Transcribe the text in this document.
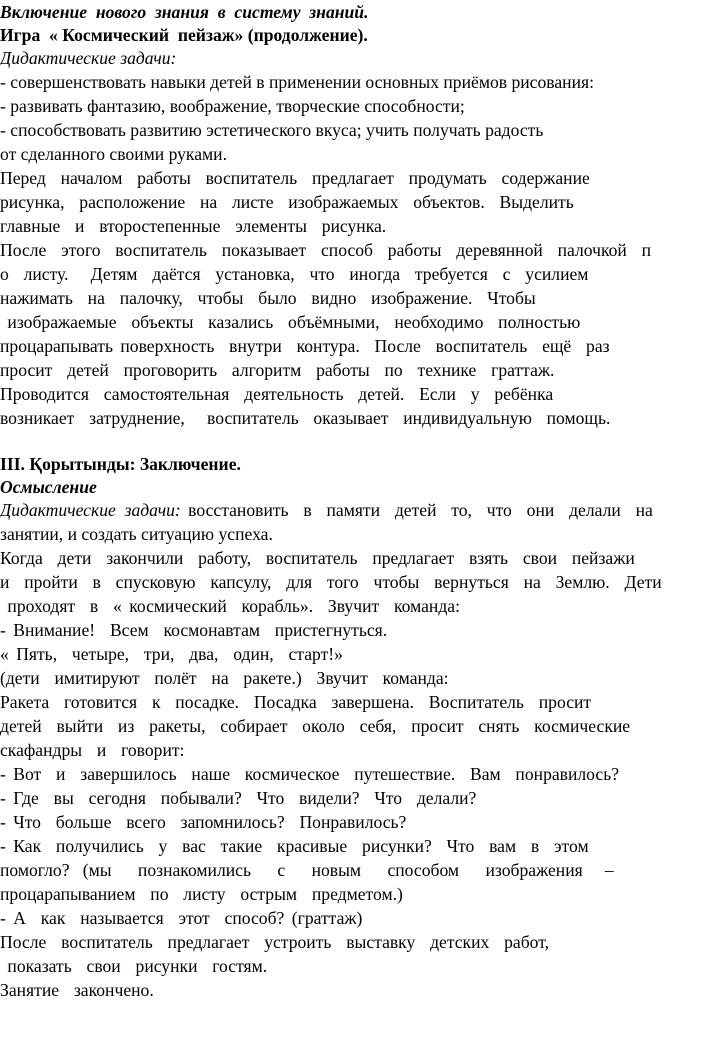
Включение  нового  знания  в  систему  знаний.
Игра  « Космический  пейзаж» (продолжение).
Дидактические задачи:
- совершенствовать навыки детей в применении основных приёмов рисования:
- развивать фантазию, воображение, творческие способности;
- способствовать развитию эстетического вкуса; учить получать радость
от сделанного своими руками.
Перед  началом  работы  воспитатель  предлагает  продумать  содержание
рисунка,  расположение  на  листе  изображаемых  объектов.  Выделить
главные  и  второстепенные  элементы  рисунка.
После  этого  воспитатель  показывает  способ  работы  деревянной  палочкой  п
о  листу.   Детям  даётся  установка,  что  иногда  требуется  с  усилием
нажимать  на  палочку,  чтобы  было  видно  изображение.  Чтобы
изображаемые  объекты  казались  объёмными,  необходимо  полностью
процарапывать поверхность  внутри  контура.  После  воспитатель  ещё  раз
просит  детей  проговорить  алгоритм  работы  по  технике  граттаж.
Проводится  самостоятельная  деятельность  детей.  Если  у  ребёнка
возникает  затруднение,   воспитатель  оказывает  индивидуальную  помощь.
III. Қорытынды: Заключение.
Осмысление
Дидактические  задачи: восстановить  в  памяти  детей  то,  что  они  делали  на
занятии, и создать ситуацию успеха.
Когда  дети  закончили  работу,  воспитатель  предлагает  взять  свои  пейзажи
и  пройти  в  спусковую  капсулу,  для  того  чтобы  вернуться  на  Землю.  Дети
проходят  в  « космический  корабль».  Звучит  команда:
- Внимание!  Всем  космонавтам  пристегнуться.
« Пять,  четыре,  три,  два,  один,  старт!»
(дети  имитируют  полёт  на  ракете.)  Звучит  команда:
Ракета  готовится  к  посадке.  Посадка  завершена.  Воспитатель  просит
детей  выйти  из  ракеты,  собирает  около  себя,  просит  снять  космические
скафандры  и  говорит:
- Вот  и  завершилось  наше  космическое  путешествие.  Вам  понравилось?
- Где  вы  сегодня  побывали?  Что  видели?  Что  делали?
- Что  больше  всего  запомнилось?  Понравилось?
- Как  получились  у  вас  такие  красивые  рисунки?  Что  вам  в  этом
помогло?   (мы      познакомились      с      новым      способом      изображения     –
процарапыванием  по  листу  острым  предметом.)
- А  как  называется  этот  способ? (граттаж)
После  воспитатель  предлагает  устроить  выставку  детских  работ,
показать  свои  рисунки  гостям.
Занятие  закончено.
